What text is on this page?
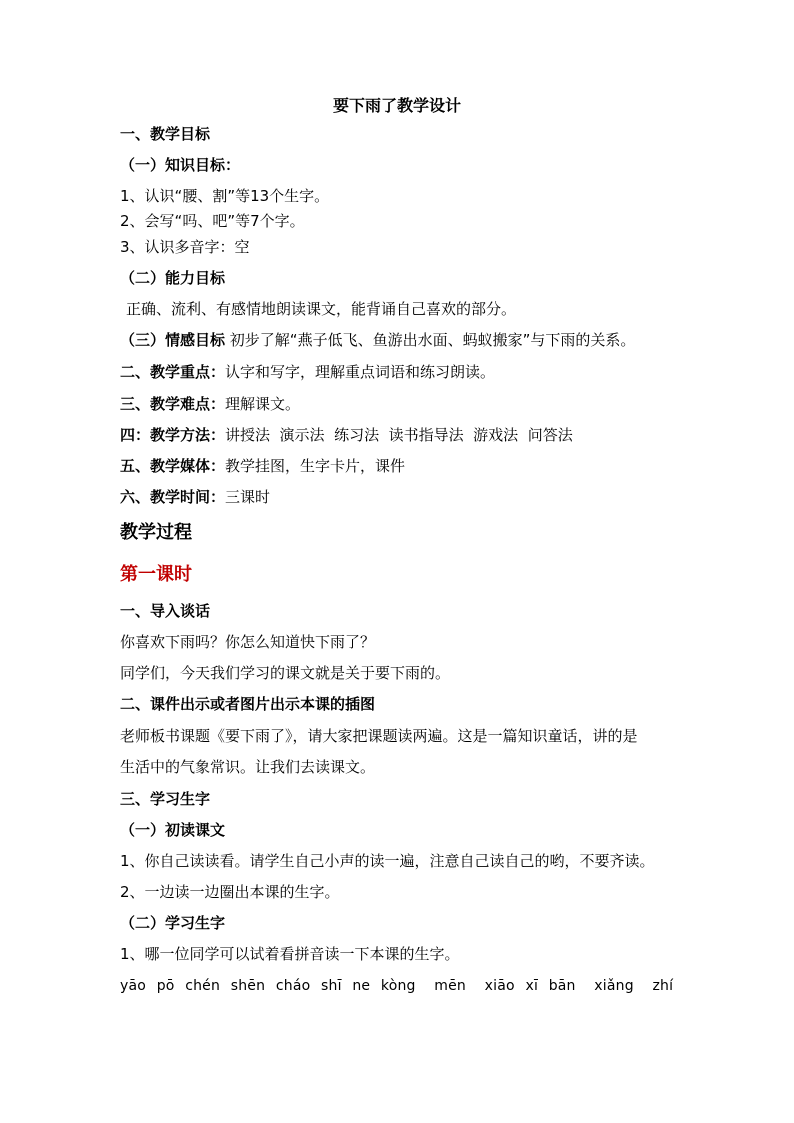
要下雨了教学设计
一、教学目标
（一）知识目标：
1、认识“腰、割”等13个生字。
2、会写“吗、吧”等7个字。
3、认识多音字：空
（二）能力目标
正确、流利、有感情地朗读课文，能背诵自己喜欢的部分。
（三）情感目标 初步了解“燕子低飞、鱼游出水面、蚂蚁搬家”与下雨的关系。
二、教学重点：认字和写字，理解重点词语和练习朗读。
三、教学难点：理解课文。
四：教学方法：讲授法  演示法  练习法  读书指导法  游戏法  问答法
五、教学媒体：教学挂图，生字卡片，课件
六、教学时间：三课时
教学过程
第一课时
一、导入谈话
你喜欢下雨吗？你怎么知道快下雨了？
同学们，今天我们学习的课文就是关于要下雨的。
二、课件出示或者图片出示本课的插图
老师板书课题《要下雨了》，请大家把课题读两遍。这是一篇知识童话，讲的是
生活中的气象常识。让我们去读课文。
三、学习生字
（一）初读课文
1、你自己读读看。请学生自己小声的读一遍，注意自己读自己的哟，不要齐读。
2、一边读一边圈出本课的生字。
（二）学习生字
1、哪一位同学可以试着看拼音读一下本课的生字。
yāo pō chén shēn cháo shī ne kòng mēn xiāo xī bān xiǎng zhí
